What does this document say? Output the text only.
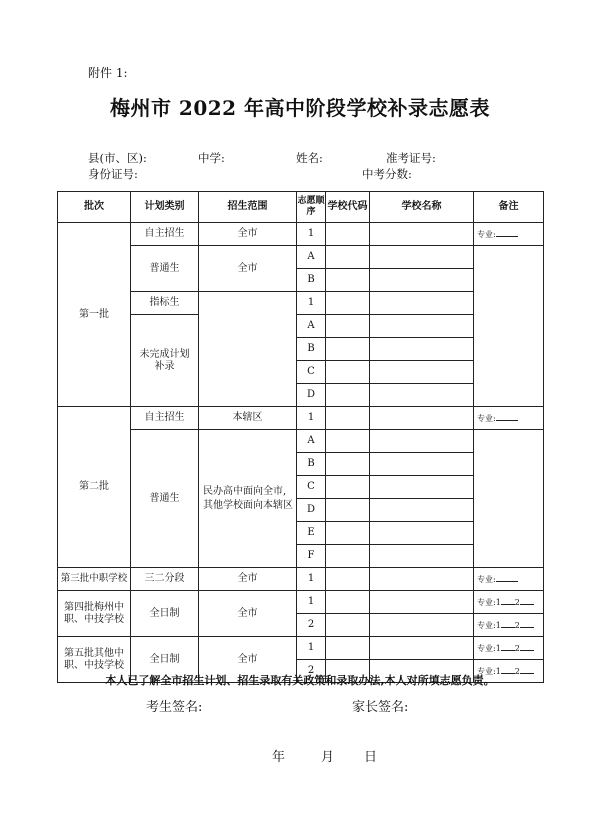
附件 1:
梅州市 2022 年高中阶段学校补录志愿表
县(市、区):	中学:	姓名:	准考证号:
身份证号:	中考分数:
批次	计划类别	招生范围	志愿顺序	学校代码	学校名称	备注
第一批	自主招生	全市	1			专业:
	普通生	全市	A			
			B			
	指标生		1			
	未完成计划补录		A			
			B			
			C			
			D			
第二批	自主招生	本辖区	1			专业:
	普通生	民办高中面向全市,其他学校面向本辖区	A			
			B			
			C			
			D			
			E			
			F			
第三批中职学校	三二分段	全市	1			专业:
第四批梅州中职、中技学校	全日制	全市	1			专业:1 2
			2			专业:1 2
第五批其他中职、中技学校	全日制	全市	1			专业:1 2
			2			专业:1 2
本人已了解全市招生计划、招生录取有关政策和录取办法,本人对所填志愿负责。
考生签名:	家长签名:
年	月 日
